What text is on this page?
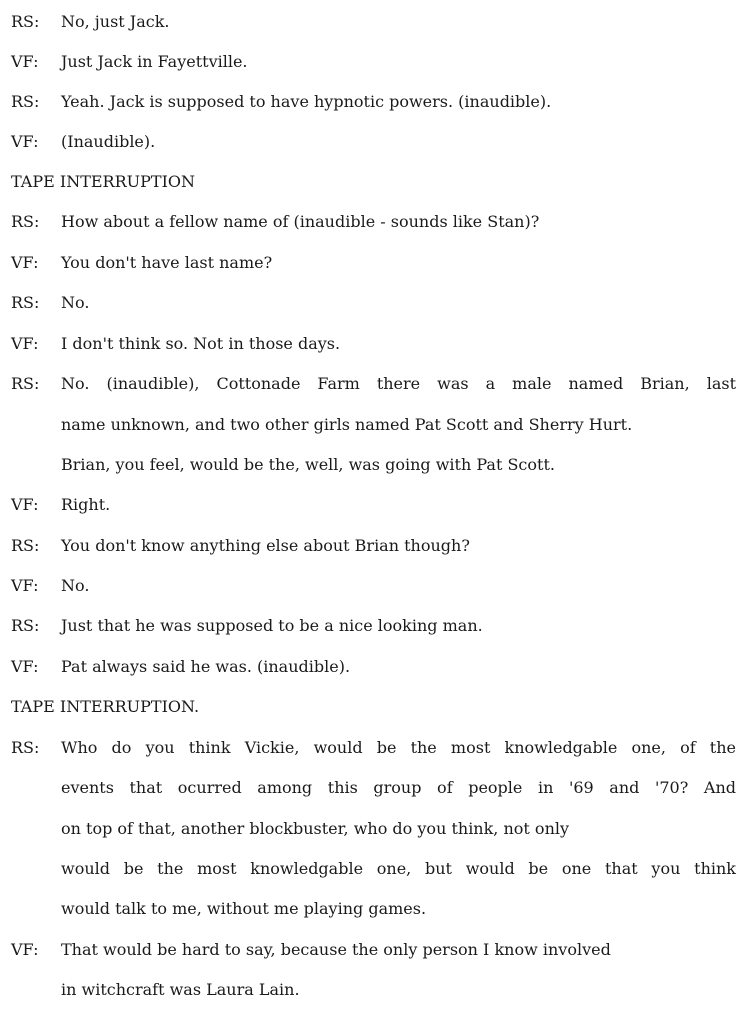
RS: No, just Jack.
VF: Just Jack in Fayettville.
RS: Yeah. Jack is supposed to have hypnotic powers. (inaudible).
VF: (Inaudible).
TAPE INTERRUPTION
RS: How about a fellow name of (inaudible - sounds like Stan)?
VF: You don't have last name?
RS: No.
VF: I don't think so. Not in those days.
RS: No. (inaudible), Cottonade Farm there was a male named Brian, last
name unknown, and two other girls named Pat Scott and Sherry Hurt.
Brian, you feel, would be the, well, was going with Pat Scott.
VF: Right.
RS: You don't know anything else about Brian though?
VF: No.
RS: Just that he was supposed to be a nice looking man.
VF: Pat always said he was. (inaudible).
TAPE INTERRUPTION.
RS: Who do you think Vickie, would be the most knowledgable one, of the
events that ocurred among this group of people in '69 and '70? And
on top of that, another blockbuster, who do you think, not only
would be the most knowledgable one, but would be one that you think
would talk to me, without me playing games.
VF: That would be hard to say, because the only person I know involved
in witchcraft was Laura Lain.
